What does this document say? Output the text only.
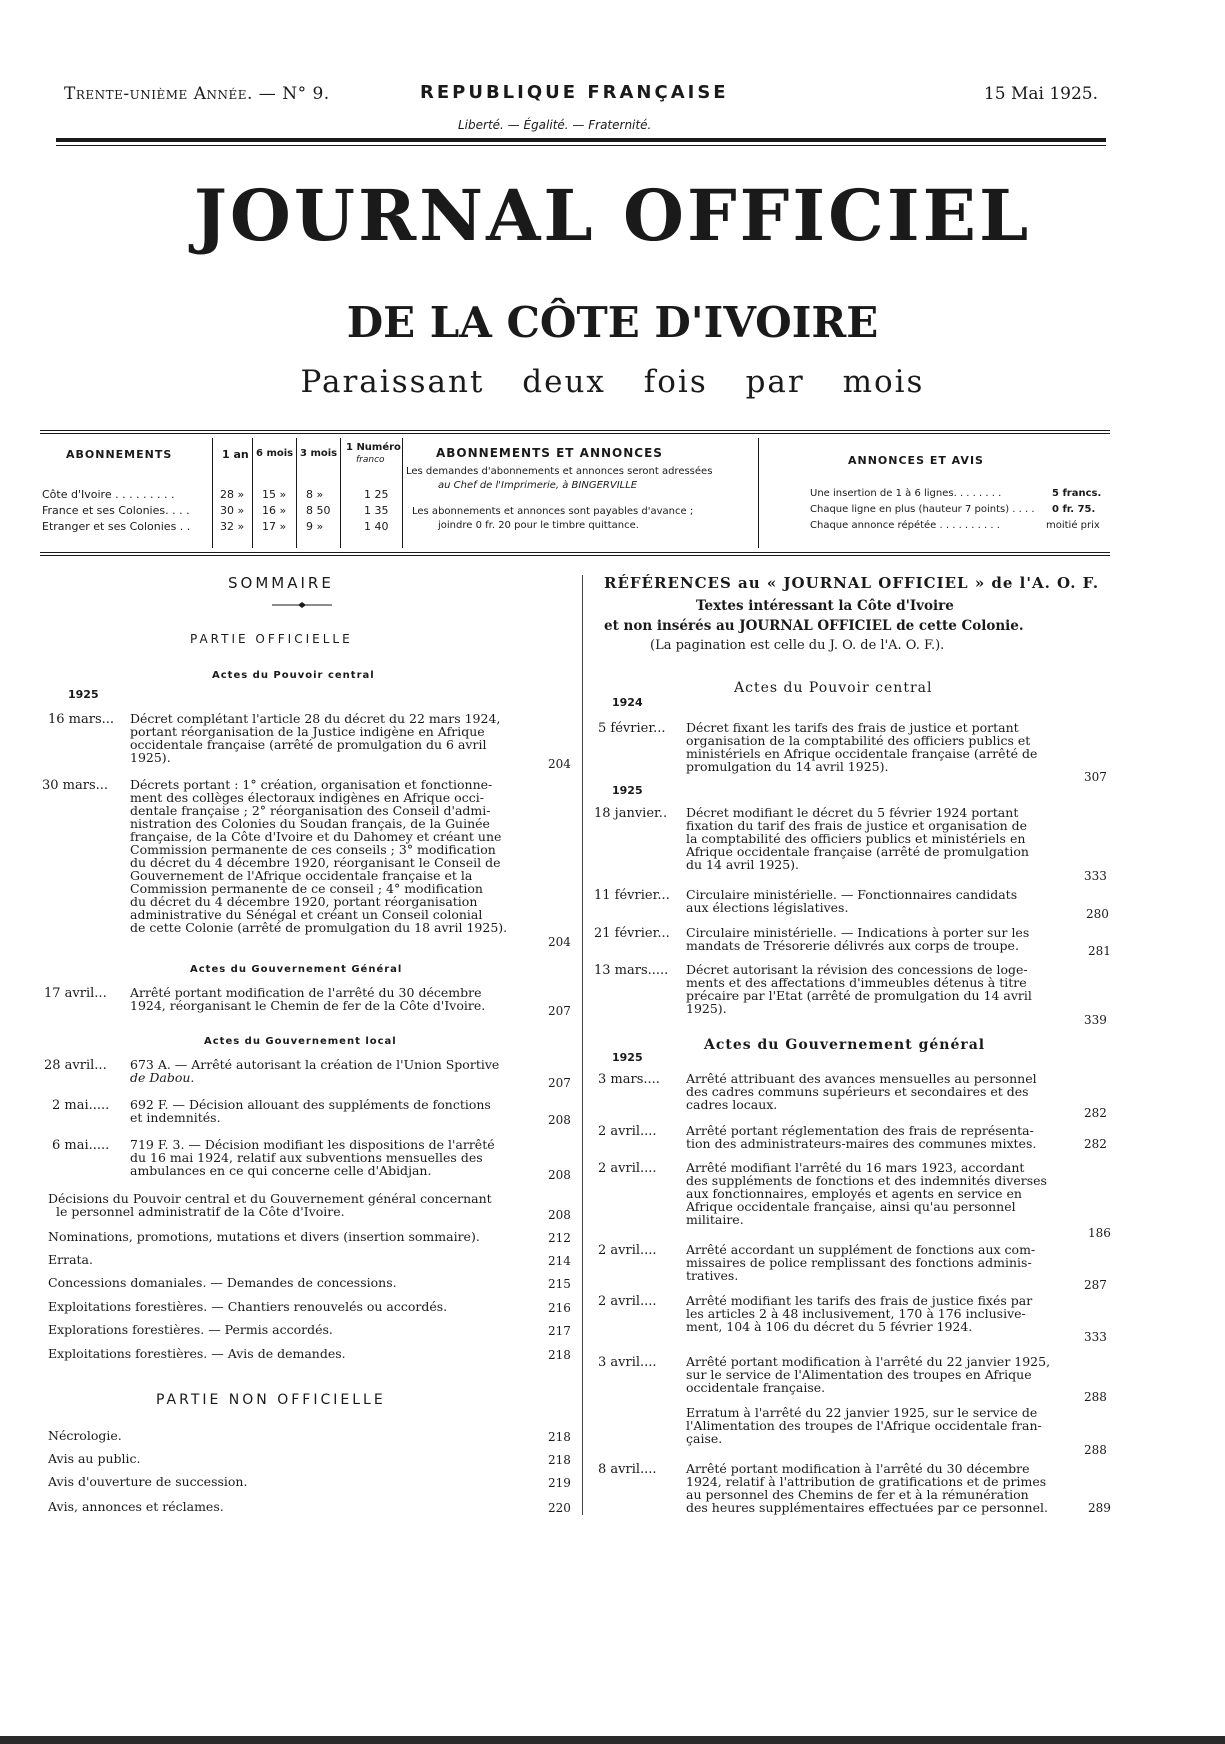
Trente-unième Année. — N° 9.	REPUBLIQUE FRANÇAISE	15 Mai 1925.
Liberté. — Égalité. — Fraternité.
JOURNAL OFFICIEL
DE LA CÔTE D'IVOIRE
Paraissant deux fois par mois
ABONNEMENTS	1 an 6 mois 3 mois
1 Numéro
franco
Côte d'Ivoire . . . . . . . . .	28 » 15 » 8 »	1 25
France et ses Colonies. . . .	30 » 16 » 8 50	1 35
Etranger et ses Colonies . .	32 » 17 » 9 »	1 40
ABONNEMENTS ET ANNONCES
Les demandes d'abonnements et annonces seront adressées
au Chef de l'Imprimerie, à BINGERVILLE
Les abonnements et annonces sont payables d'avance ;
joindre 0 fr. 20 pour le timbre quittance.
ANNONCES ET AVIS
Une insertion de 1 à 6 lignes. . . . . . . .	5 francs.
Chaque ligne en plus (hauteur 7 points) . . . . 0 fr. 75.
Chaque annonce répétée . . . . . . . . . .	moitié prix
SOMMAIRE
PARTIE OFFICIELLE
Actes du Pouvoir central
1925
16 mars... Décret complétant l'article 28 du décret du 22 mars 1924,
portant réorganisation de la Justice indigène en Afrique
occidentale française (arrêté de promulgation du 6 avril
1925).	204
30 mars... Décrets portant : 1° création, organisation et fonctionne-
ment des collèges électoraux indigènes en Afrique occi-
dentale française ; 2° réorganisation des Conseil d'admi-
nistration des Colonies du Soudan français, de la Guinée
française, de la Côte d'Ivoire et du Dahomey et créant une
Commission permanente de ces conseils ; 3° modification
du décret du 4 décembre 1920, réorganisant le Conseil de
Gouvernement de l'Afrique occidentale française et la
Commission permanente de ce conseil ; 4° modification
du décret du 4 décembre 1920, portant réorganisation
administrative du Sénégal et créant un Conseil colonial
de cette Colonie (arrêté de promulgation du 18 avril 1925).
204
Actes du Gouvernement Général
17 avril... Arrêté portant modification de l'arrêté du 30 décembre
1924, réorganisant le Chemin de fer de la Côte d'Ivoire.	207
Actes du Gouvernement local
28 avril... 673 A. — Arrêté autorisant la création de l'Union Sportive
de Dabou.	207
2 mai..... 692 F. — Décision allouant des suppléments de fonctions
et indemnités.	208
6 mai..... 719 F. 3. — Décision modifiant les dispositions de l'arrêté
du 16 mai 1924, relatif aux subventions mensuelles des
ambulances en ce qui concerne celle d'Abidjan.	208
Décisions du Pouvoir central et du Gouvernement général concernant
le personnel administratif de la Côte d'Ivoire.	208
Nominations, promotions, mutations et divers (insertion sommaire).	212
Errata.	214
Concessions domaniales. — Demandes de concessions.	215
Exploitations forestières. — Chantiers renouvelés ou accordés.	216
Explorations forestières. — Permis accordés.	217
Exploitations forestières. — Avis de demandes.	218
PARTIE NON OFFICIELLE
Nécrologie.	218
Avis au public.	218
Avis d'ouverture de succession.	219
Avis, annonces et réclames.	220
RÉFÉRENCES au « JOURNAL OFFICIEL » de l'A. O. F.
Textes intéressant la Côte d'Ivoire
et non insérés au JOURNAL OFFICIEL de cette Colonie.
(La pagination est celle du J. O. de l'A. O. F.).
Actes du Pouvoir central
1924
5 février... Décret fixant les tarifs des frais de justice et portant
organisation de la comptabilité des officiers publics et
ministériels en Afrique occidentale française (arrêté de
promulgation du 14 avril 1925).
307
1925
18 janvier.. Décret modifiant le décret du 5 février 1924 portant
fixation du tarif des frais de justice et organisation de
la comptabilité des officiers publics et ministériels en
Afrique occidentale française (arrêté de promulgation
du 14 avril 1925).
333
11 février... Circulaire ministérielle. — Fonctionnaires candidats
aux élections législatives.	280
21 février... Circulaire ministérielle. — Indications à porter sur les
mandats de Trésorerie délivrés aux corps de troupe.	281
13 mars..... Décret autorisant la révision des concessions de loge-
ments et des affectations d'immeubles détenus à titre
précaire par l'Etat (arrêté de promulgation du 14 avril
1925).
339
Actes du Gouvernement général
1925
3 mars.... Arrêté attribuant des avances mensuelles au personnel
des cadres communs supérieurs et secondaires et des
cadres locaux.
282
2 avril.... Arrêté portant réglementation des frais de représenta-
tion des administrateurs-maires des communes mixtes.	282
2 avril.... Arrêté modifiant l'arrêté du 16 mars 1923, accordant
des suppléments de fonctions et des indemnités diverses
aux fonctionnaires, employés et agents en service en
Afrique occidentale française, ainsi qu'au personnel
militaire.
186
2 avril.... Arrêté accordant un supplément de fonctions aux com-
missaires de police remplissant des fonctions adminis-
tratives.
287
2 avril.... Arrêté modifiant les tarifs des frais de justice fixés par
les articles 2 à 48 inclusivement, 170 à 176 inclusive-
ment, 104 à 106 du décret du 5 février 1924.
333
3 avril.... Arrêté portant modification à l'arrêté du 22 janvier 1925,
sur le service de l'Alimentation des troupes en Afrique
occidentale française.
288
Erratum à l'arrêté du 22 janvier 1925, sur le service de
l'Alimentation des troupes de l'Afrique occidentale fran-
çaise.
288
8 avril.... Arrêté portant modification à l'arrêté du 30 décembre
1924, relatif à l'attribution de gratifications et de primes
au personnel des Chemins de fer et à la rémunération
des heures supplémentaires effectuées par ce personnel.	289
